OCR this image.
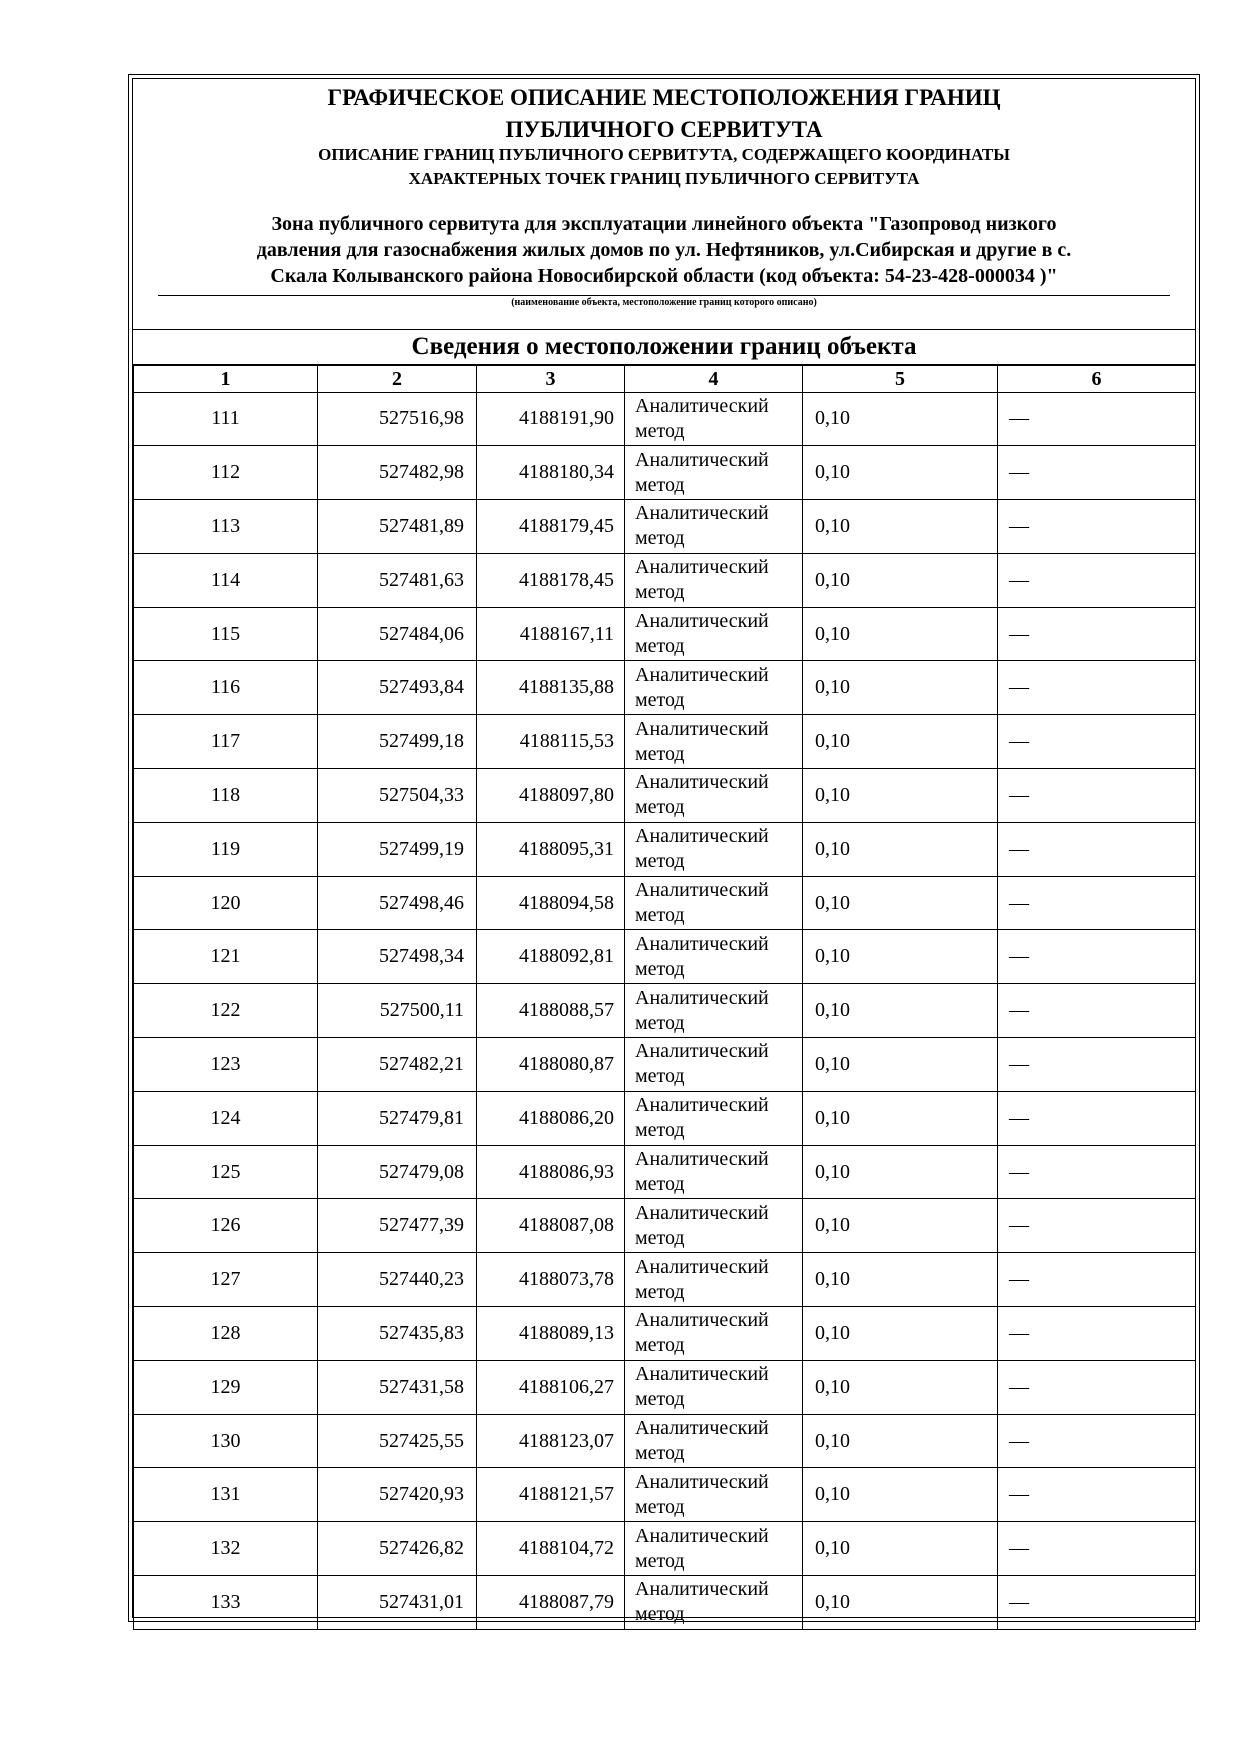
ГРАФИЧЕСКОЕ ОПИСАНИЕ МЕСТОПОЛОЖЕНИЯ ГРАНИЦ
ПУБЛИЧНОГО СЕРВИТУТА
ОПИСАНИЕ ГРАНИЦ ПУБЛИЧНОГО СЕРВИТУТА, СОДЕРЖАЩЕГО КООРДИНАТЫ
ХАРАКТЕРНЫХ ТОЧЕК ГРАНИЦ ПУБЛИЧНОГО СЕРВИТУТА
Зона публичного сервитута для эксплуатации линейного объекта "Газопровод низкого
давления для газоснабжения жилых домов по ул. Нефтяников, ул.Сибирская и другие в с.
Скала Колыванского района Новосибирской области (код объекта: 54-23-428-000034 )"
(наименование объекта, местоположение границ которого описано)
Сведения о местоположении границ объекта
1	2	3	4	5	6
111	527516,98	4188191,90	Аналитический
метод	0,10	—
112	527482,98	4188180,34	Аналитический
метод	0,10	—
113	527481,89	4188179,45	Аналитический
метод	0,10	—
114	527481,63	4188178,45	Аналитический
метод	0,10	—
115	527484,06	4188167,11	Аналитический
метод	0,10	—
116	527493,84	4188135,88	Аналитический
метод	0,10	—
117	527499,18	4188115,53	Аналитический
метод	0,10	—
118	527504,33	4188097,80	Аналитический
метод	0,10	—
119	527499,19	4188095,31	Аналитический
метод	0,10	—
120	527498,46	4188094,58	Аналитический
метод	0,10	—
121	527498,34	4188092,81	Аналитический
метод	0,10	—
122	527500,11	4188088,57	Аналитический
метод	0,10	—
123	527482,21	4188080,87	Аналитический
метод	0,10	—
124	527479,81	4188086,20	Аналитический
метод	0,10	—
125	527479,08	4188086,93	Аналитический
метод	0,10	—
126	527477,39	4188087,08	Аналитический
метод	0,10	—
127	527440,23	4188073,78	Аналитический
метод	0,10	—
128	527435,83	4188089,13	Аналитический
метод	0,10	—
129	527431,58	4188106,27	Аналитический
метод	0,10	—
130	527425,55	4188123,07	Аналитический
метод	0,10	—
131	527420,93	4188121,57	Аналитический
метод	0,10	—
132	527426,82	4188104,72	Аналитический
метод	0,10	—
133	527431,01	4188087,79	Аналитический
метод	0,10	—
